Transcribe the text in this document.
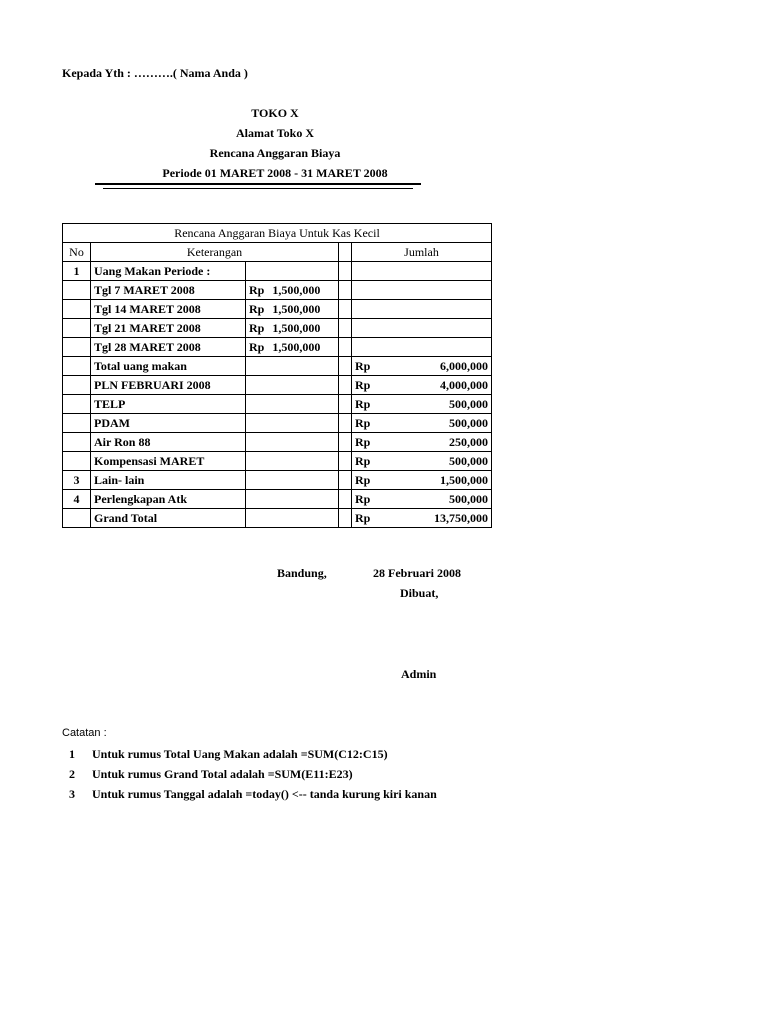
Kepada Yth : ……….( Nama Anda )
TOKO X
Alamat Toko X
Rencana Anggaran Biaya
Periode 01 MARET 2008 - 31 MARET 2008
Rencana Anggaran Biaya Untuk Kas Kecil				
No	Keterangan			Jumlah
1	Uang Makan Periode :			

	Tgl 7 MARET 2008	Rp 1,500,000		

	Tgl 14 MARET 2008	Rp 1,500,000		

	Tgl 21 MARET 2008	Rp 1,500,000		

	Tgl 28 MARET 2008	Rp 1,500,000		

	Total uang makan			Rp 6,000,000
	PLN FEBRUARI 2008			Rp 4,000,000
	TELP			Rp 500,000
	PDAM			Rp 500,000
	Air Ron 88			Rp 250,000
	Kompensasi MARET			Rp 500,000
3	Lain- lain			Rp 1,500,000
4	Perlengkapan Atk			Rp 500,000
	Grand Total			Rp 13,750,000
Bandung,	28 Februari 2008
Dibuat,
Admin
Catatan :
1 Untuk rumus Total Uang Makan adalah =SUM(C12:C15)
2 Untuk rumus Grand Total adalah =SUM(E11:E23)
3 Untuk rumus Tanggal adalah =today() <-- tanda kurung kiri kanan
